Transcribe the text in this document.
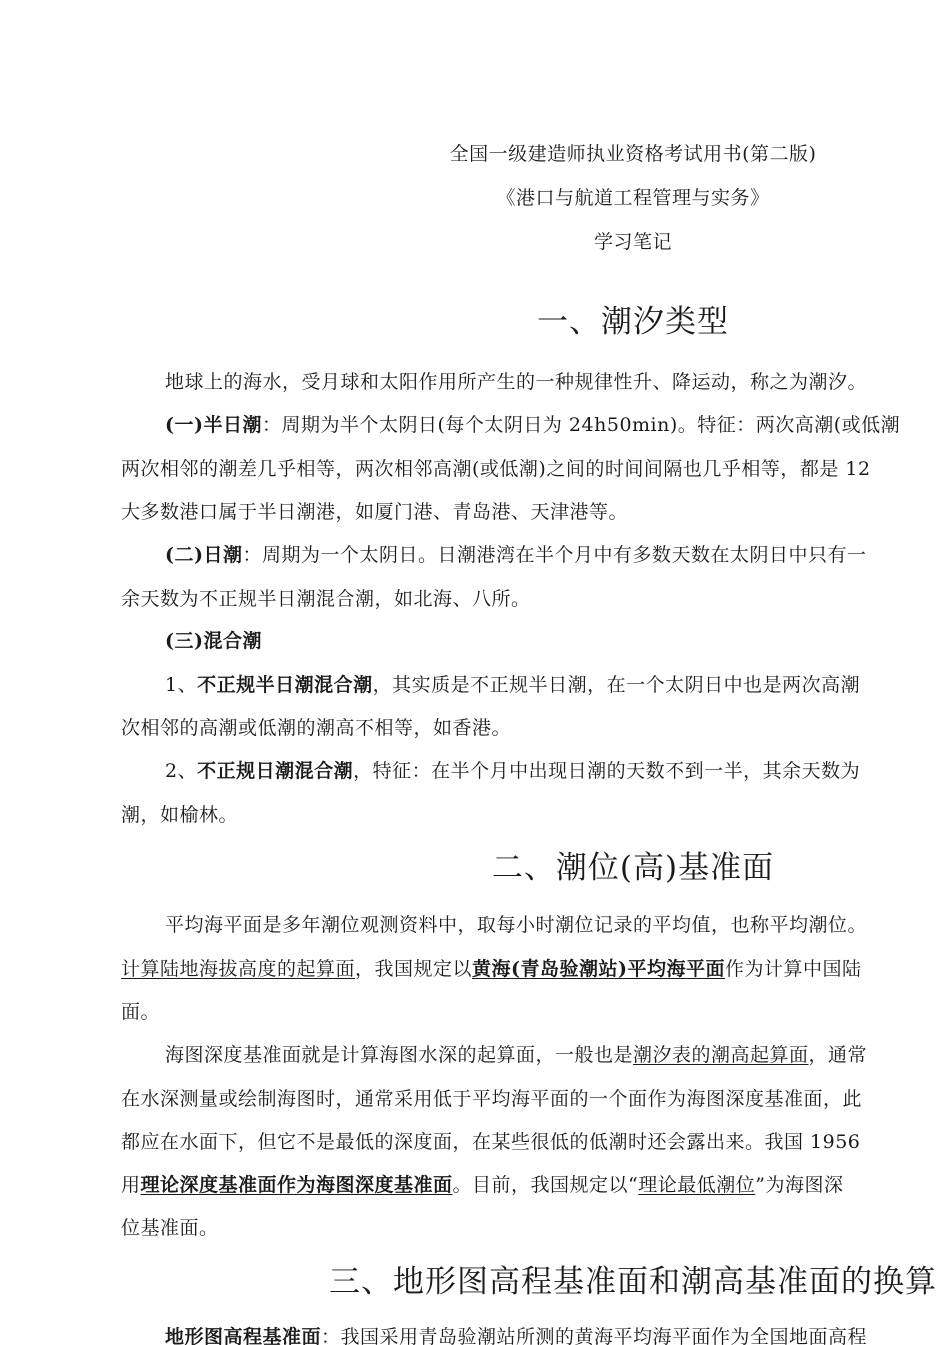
全国一级建造师执业资格考试用书(第二版)
《港口与航道工程管理与实务》
学习笔记
一、潮汐类型
地球上的海水，受月球和太阳作用所产生的一种规律性升、降运动，称之为潮汐。
(一)半日潮：周期为半个太阴日(每个太阴日为 24h50min)。特征：两次高潮(或低潮
两次相邻的潮差几乎相等，两次相邻高潮(或低潮)之间的时间间隔也几乎相等，都是 12
大多数港口属于半日潮港，如厦门港、青岛港、天津港等。
(二)日潮：周期为一个太阴日。日潮港湾在半个月中有多数天数在太阴日中只有一
余天数为不正规半日潮混合潮，如北海、八所。
(三)混合潮
1、不正规半日潮混合潮，其实质是不正规半日潮，在一个太阴日中也是两次高潮
次相邻的高潮或低潮的潮高不相等，如香港。
2、不正规日潮混合潮，特征：在半个月中出现日潮的天数不到一半，其余天数为
潮，如榆林。
二、潮位(高)基准面
平均海平面是多年潮位观测资料中，取每小时潮位记录的平均值，也称平均潮位。
计算陆地海拔高度的起算面，我国规定以黄海(青岛验潮站)平均海平面作为计算中国陆
面。
海图深度基准面就是计算海图水深的起算面，一般也是潮汐表的潮高起算面，通常
在水深测量或绘制海图时，通常采用低于平均海平面的一个面作为海图深度基准面，此
都应在水面下，但它不是最低的深度面，在某些很低的低潮时还会露出来。我国 1956
用理论深度基准面作为海图深度基准面。目前，我国规定以“理论最低潮位”为海图深
位基准面。
三、地形图高程基准面和潮高基准面的换算
地形图高程基准面：我国采用青岛验潮站所测的黄海平均海平面作为全国地面高程
